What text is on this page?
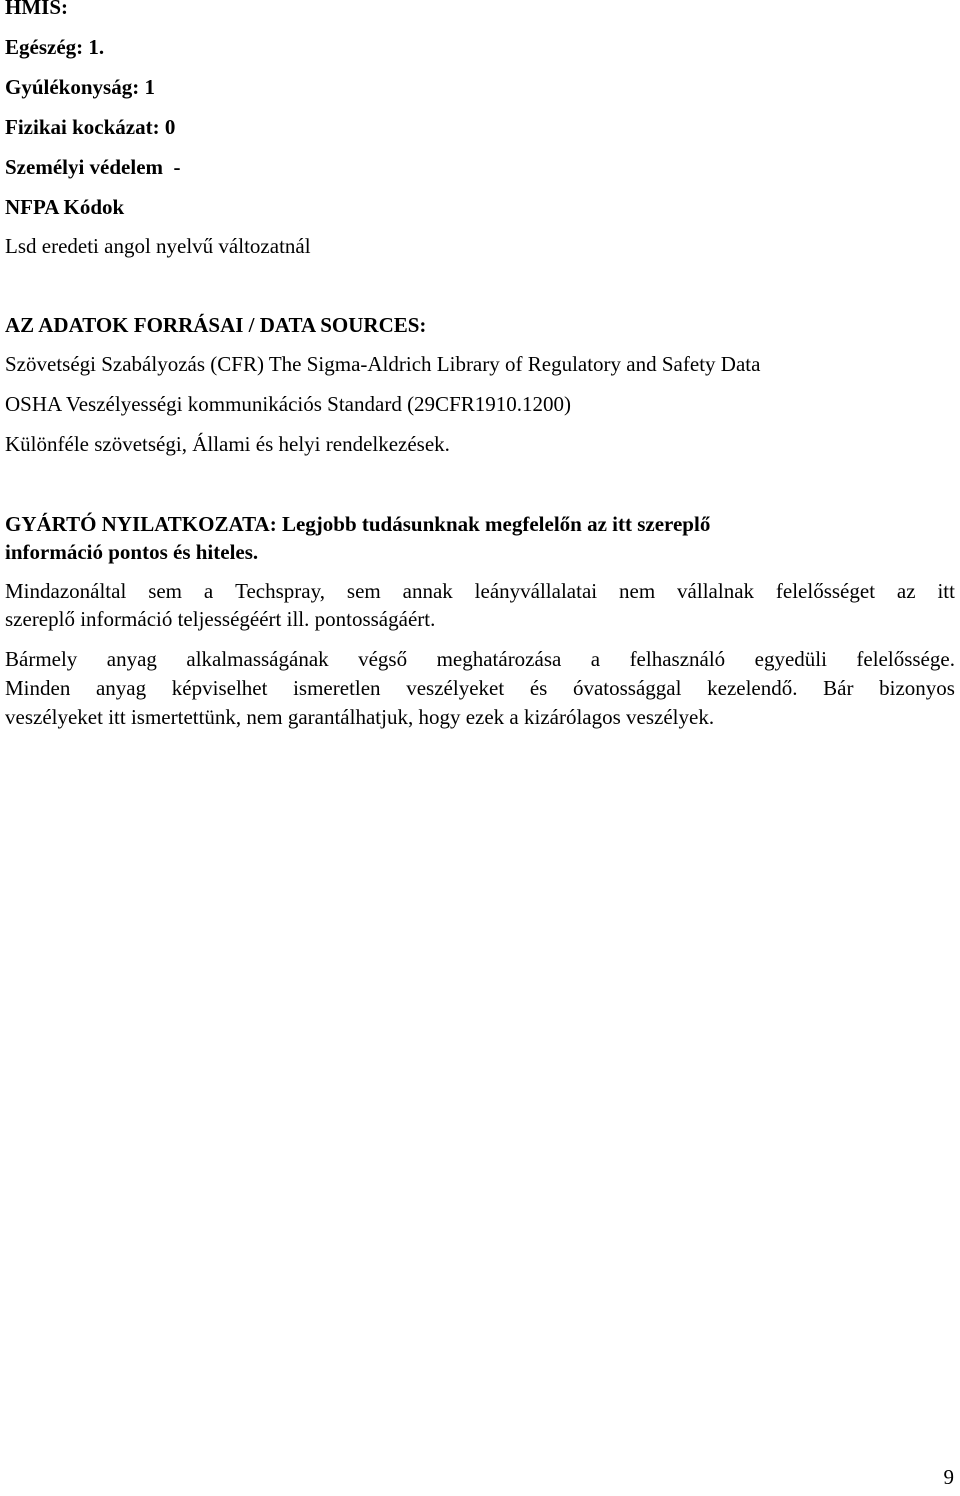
HMIS:
Egészég: 1.
Gyúlékonyság: 1
Fizikai kockázat: 0
Személyi védelem  -
NFPA Kódok
Lsd eredeti angol nyelvű változatnál
AZ ADATOK FORRÁSAI / DATA SOURCES:
Szövetségi Szabályozás (CFR) The Sigma-Aldrich Library of Regulatory and Safety Data
OSHA Veszélyességi kommunikációs Standard (29CFR1910.1200)
Különféle szövetségi, Állami és helyi rendelkezések.
GYÁRTÓ NYILATKOZATA: Legjobb tudásunknak megfelelőn az itt szereplő
információ pontos és hiteles.
Mindazonáltal sem a Techspray, sem annak leányvállalatai nem vállalnak felelősséget az itt
szereplő információ teljességéért ill. pontosságáért.
Bármely anyag alkalmasságának végső meghatározása a felhasználó egyedüli felelőssége.
Minden anyag képviselhet ismeretlen veszélyeket és óvatossággal kezelendő. Bár bizonyos
veszélyeket itt ismertettünk, nem garantálhatjuk, hogy ezek a kizárólagos veszélyek.
9
